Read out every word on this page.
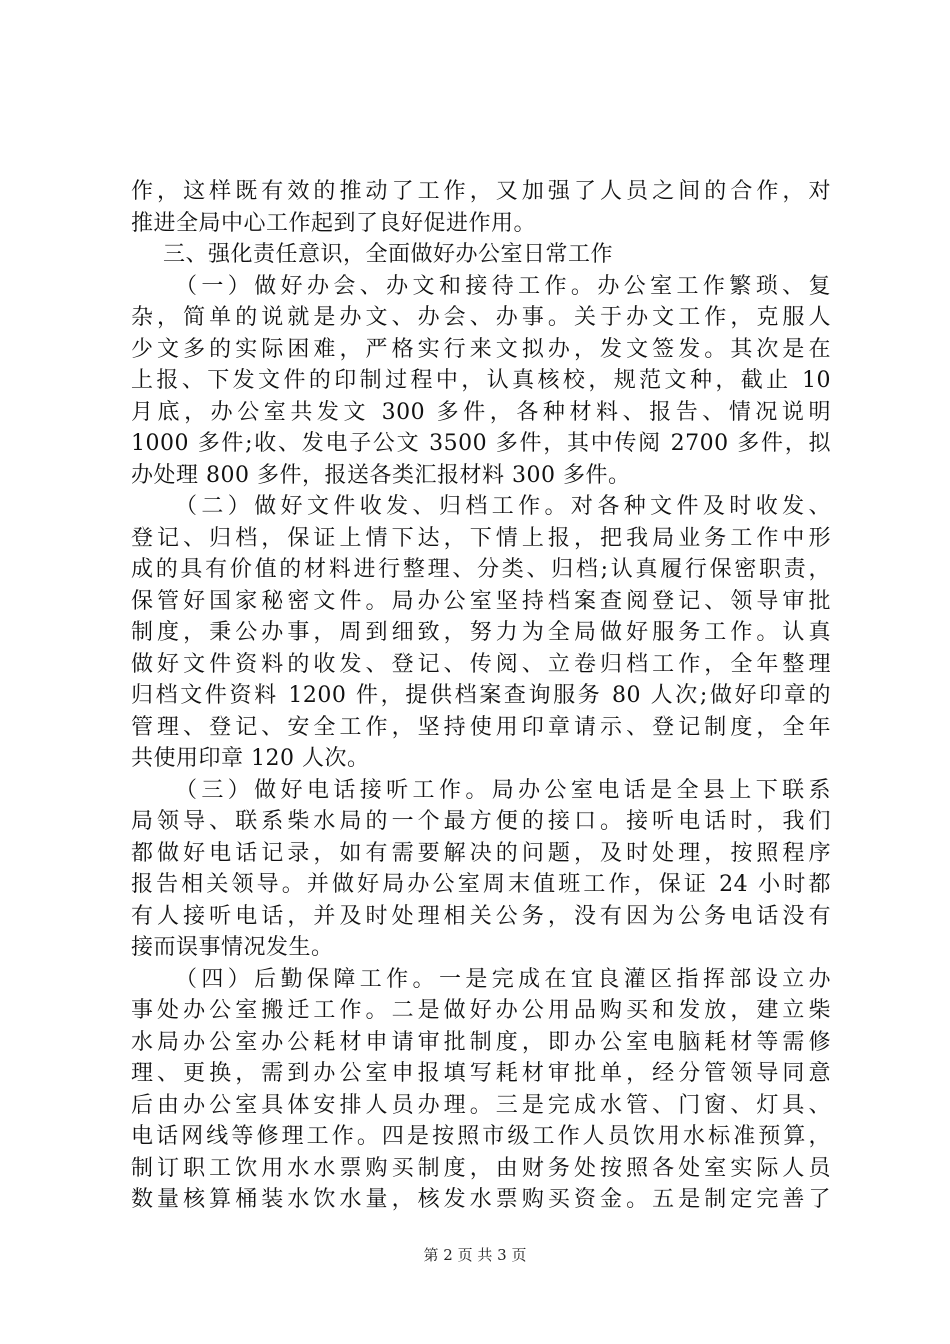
作，这样既有效的推动了工作，又加强了人员之间的合作，对
推进全局中心工作起到了良好促进作用。
三、强化责任意识，全面做好办公室日常工作
（一）做好办会、办文和接待工作。办公室工作繁琐、复
杂，简单的说就是办文、办会、办事。关于办文工作，克服人
少文多的实际困难，严格实行来文拟办，发文签发。其次是在
上报、下发文件的印制过程中，认真核校，规范文种，截止 10
月底，办公室共发文 300 多件，各种材料、报告、情况说明
1000 多件;收、发电子公文 3500 多件，其中传阅 2700 多件，拟
办处理 800 多件，报送各类汇报材料 300 多件。
（二）做好文件收发、归档工作。对各种文件及时收发、
登记、归档，保证上情下达，下情上报，把我局业务工作中形
成的具有价值的材料进行整理、分类、归档;认真履行保密职责，
保管好国家秘密文件。局办公室坚持档案查阅登记、领导审批
制度，秉公办事，周到细致，努力为全局做好服务工作。认真
做好文件资料的收发、登记、传阅、立卷归档工作，全年整理
归档文件资料 1200 件，提供档案查询服务 80 人次;做好印章的
管理、登记、安全工作，坚持使用印章请示、登记制度，全年
共使用印章 120 人次。
（三）做好电话接听工作。局办公室电话是全县上下联系
局领导、联系柴水局的一个最方便的接口。接听电话时，我们
都做好电话记录，如有需要解决的问题，及时处理，按照程序
报告相关领导。并做好局办公室周末值班工作，保证 24 小时都
有人接听电话，并及时处理相关公务，没有因为公务电话没有
接而误事情况发生。
（四）后勤保障工作。一是完成在宜良灌区指挥部设立办
事处办公室搬迁工作。二是做好办公用品购买和发放，建立柴
水局办公室办公耗材申请审批制度，即办公室电脑耗材等需修
理、更换，需到办公室申报填写耗材审批单，经分管领导同意
后由办公室具体安排人员办理。三是完成水管、门窗、灯具、
电话网线等修理工作。四是按照市级工作人员饮用水标准预算，
制订职工饮用水水票购买制度，由财务处按照各处室实际人员
数量核算桶装水饮水量，核发水票购买资金。五是制定完善了
第 2 页 共 3 页
